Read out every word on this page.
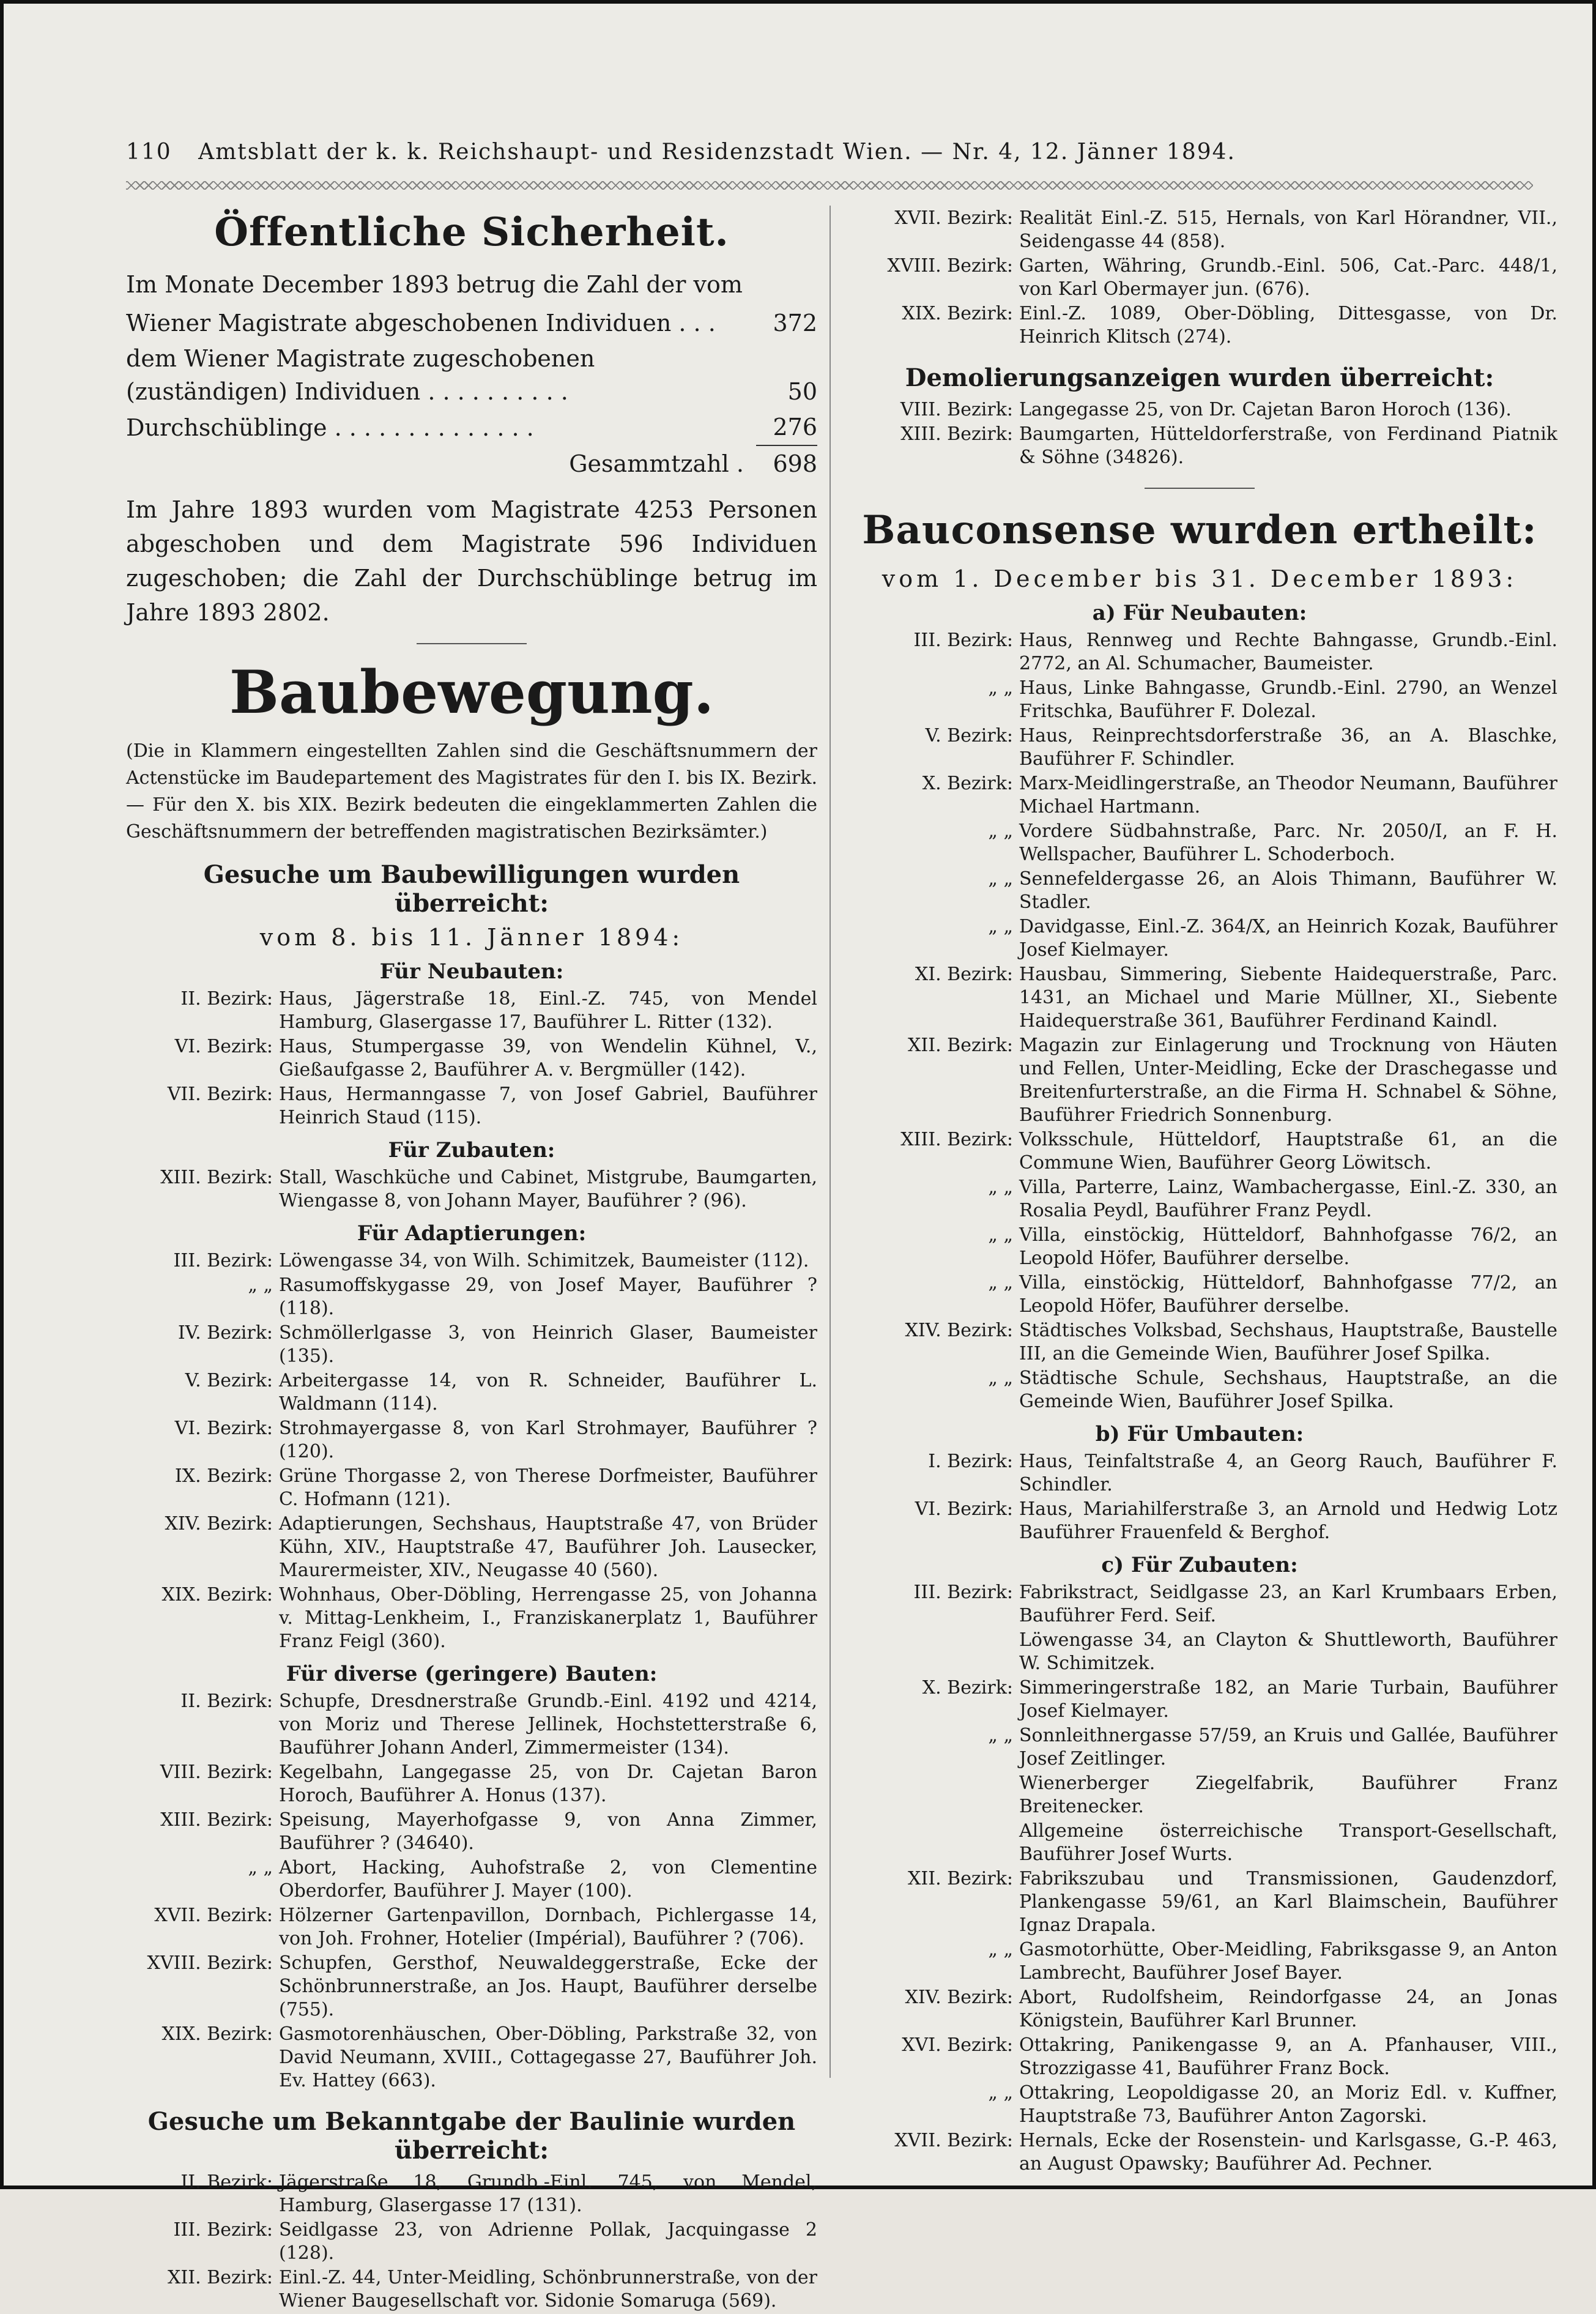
110 Amtsblatt der k. k. Reichshaupt- und Residenzstadt Wien. — Nr. 4, 12. Jänner 1894.
Öffentliche Sicherheit.
Im Monate December 1893 betrug die Zahl der vom
Wiener Magistrate abgeschobenen Individuen . . .	372
dem Wiener Magistrate zugeschobenen (zuständigen) Individuen . . . . . . . . . .	50
Durchschüblinge . . . . . . . . . . . . . .	276
Gesammtzahl .	698
Im Jahre 1893 wurden vom Magistrate 4253 Personen abgeschoben und dem Magistrate 596 Individuen zugeschoben; die Zahl der Durchschüblinge betrug im Jahre 1893 2802.
Baubewegung.
(Die in Klammern eingestellten Zahlen sind die Geschäftsnummern der Actenstücke im Baudepartement des Magistrates für den I. bis IX. Bezirk. — Für den X. bis XIX. Bezirk bedeuten die eingeklammerten Zahlen die Geschäftsnummern der betreffenden magistratischen Bezirksämter.)
Gesuche um Baubewilligungen wurden überreicht:
vom 8. bis 11. Jänner 1894:
Für Neubauten:
II. Bezirk: Haus, Jägerstraße 18, Einl.-Z. 745, von Mendel Hamburg, Glasergasse 17, Bauführer L. Ritter (132).
VI. Bezirk: Haus, Stumpergasse 39, von Wendelin Kühnel, V., Gießaufgasse 2, Bauführer A. v. Bergmüller (142).
VII. Bezirk: Haus, Hermanngasse 7, von Josef Gabriel, Bauführer Heinrich Staud (115).
Für Zubauten:
XIII. Bezirk: Stall, Waschküche und Cabinet, Mistgrube, Baumgarten, Wiengasse 8, von Johann Mayer, Bauführer ? (96).
Für Adaptierungen:
III. Bezirk: Löwengasse 34, von Wilh. Schimitzek, Baumeister (112).
„ „ Rasumoffskygasse 29, von Josef Mayer, Bauführer ? (118).
IV. Bezirk: Schmöllerlgasse 3, von Heinrich Glaser, Baumeister (135).
V. Bezirk: Arbeitergasse 14, von R. Schneider, Bauführer L. Waldmann (114).
VI. Bezirk: Strohmayergasse 8, von Karl Strohmayer, Bauführer ? (120).
IX. Bezirk: Grüne Thorgasse 2, von Therese Dorfmeister, Bauführer C. Hofmann (121).
XIV. Bezirk: Adaptierungen, Sechshaus, Hauptstraße 47, von Brüder Kühn, XIV., Hauptstraße 47, Bauführer Joh. Lausecker, Maurermeister, XIV., Neugasse 40 (560).
XIX. Bezirk: Wohnhaus, Ober-Döbling, Herrengasse 25, von Johanna v. Mittag-Lenkheim, I., Franziskanerplatz 1, Bauführer Franz Feigl (360).
Für diverse (geringere) Bauten:
II. Bezirk: Schupfe, Dresdnerstraße Grundb.-Einl. 4192 und 4214, von Moriz und Therese Jellinek, Hochstetterstraße 6, Bauführer Johann Anderl, Zimmermeister (134).
VIII. Bezirk: Kegelbahn, Langegasse 25, von Dr. Cajetan Baron Horoch, Bauführer A. Honus (137).
XIII. Bezirk: Speisung, Mayerhofgasse 9, von Anna Zimmer, Bauführer ? (34640).
„ „ Abort, Hacking, Auhofstraße 2, von Clementine Oberdorfer, Bauführer J. Mayer (100).
XVII. Bezirk: Hölzerner Gartenpavillon, Dornbach, Pichlergasse 14, von Joh. Frohner, Hotelier (Impérial), Bauführer ? (706).
XVIII. Bezirk: Schupfen, Gersthof, Neuwaldeggerstraße, Ecke der Schönbrunnerstraße, an Jos. Haupt, Bauführer derselbe (755).
XIX. Bezirk: Gasmotorenhäuschen, Ober-Döbling, Parkstraße 32, von David Neumann, XVIII., Cottagegasse 27, Bauführer Joh. Ev. Hattey (663).
Gesuche um Bekanntgabe der Baulinie wurden überreicht:
II. Bezirk: Jägerstraße 18, Grundb.-Einl. 745, von Mendel, Hamburg, Glasergasse 17 (131).
III. Bezirk: Seidlgasse 23, von Adrienne Pollak, Jacquingasse 2 (128).
XII. Bezirk: Einl.-Z. 44, Unter-Meidling, Schönbrunnerstraße, von der Wiener Baugesellschaft vor. Sidonie Somaruga (569).
XVII. Bezirk: Realität Einl.-Z. 515, Hernals, von Karl Hörandner, VII., Seidengasse 44 (858).
XVIII. Bezirk: Garten, Währing, Grundb.-Einl. 506, Cat.-Parc. 448/1, von Karl Obermayer jun. (676).
XIX. Bezirk: Einl.-Z. 1089, Ober-Döbling, Dittesgasse, von Dr. Heinrich Klitsch (274).
Demolierungsanzeigen wurden überreicht:
VIII. Bezirk: Langegasse 25, von Dr. Cajetan Baron Horoch (136).
XIII. Bezirk: Baumgarten, Hütteldorferstraße, von Ferdinand Piatnik & Söhne (34826).
Bauconsense wurden ertheilt:
vom 1. December bis 31. December 1893:
a) Für Neubauten:
III. Bezirk: Haus, Rennweg und Rechte Bahngasse, Grundb.-Einl. 2772, an Al. Schumacher, Baumeister.
„ „ Haus, Linke Bahngasse, Grundb.-Einl. 2790, an Wenzel Fritschka, Bauführer F. Dolezal.
V. Bezirk: Haus, Reinprechtsdorferstraße 36, an A. Blaschke, Bauführer F. Schindler.
X. Bezirk: Marx-Meidlingerstraße, an Theodor Neumann, Bauführer Michael Hartmann.
„ „ Vordere Südbahnstraße, Parc. Nr. 2050/I, an F. H. Wellspacher, Bauführer L. Schoderboch.
„ „ Sennefeldergasse 26, an Alois Thimann, Bauführer W. Stadler.
„ „ Davidgasse, Einl.-Z. 364/X, an Heinrich Kozak, Bauführer Josef Kielmayer.
XI. Bezirk: Hausbau, Simmering, Siebente Haidequerstraße, Parc. 1431, an Michael und Marie Müllner, XI., Siebente Haidequerstraße 361, Bauführer Ferdinand Kaindl.
XII. Bezirk: Magazin zur Einlagerung und Trocknung von Häuten und Fellen, Unter-Meidling, Ecke der Draschegasse und Breitenfurterstraße, an die Firma H. Schnabel & Söhne, Bauführer Friedrich Sonnenburg.
XIII. Bezirk: Volksschule, Hütteldorf, Hauptstraße 61, an die Commune Wien, Bauführer Georg Löwitsch.
„ „ Villa, Parterre, Lainz, Wambachergasse, Einl.-Z. 330, an Rosalia Peydl, Bauführer Franz Peydl.
„ „ Villa, einstöckig, Hütteldorf, Bahnhofgasse 76/2, an Leopold Höfer, Bauführer derselbe.
„ „ Villa, einstöckig, Hütteldorf, Bahnhofgasse 77/2, an Leopold Höfer, Bauführer derselbe.
XIV. Bezirk: Städtisches Volksbad, Sechshaus, Hauptstraße, Baustelle III, an die Gemeinde Wien, Bauführer Josef Spilka.
„ „ Städtische Schule, Sechshaus, Hauptstraße, an die Gemeinde Wien, Bauführer Josef Spilka.
b) Für Umbauten:
I. Bezirk: Haus, Teinfaltstraße 4, an Georg Rauch, Bauführer F. Schindler.
VI. Bezirk: Haus, Mariahilferstraße 3, an Arnold und Hedwig Lotz Bauführer Frauenfeld & Berghof.
c) Für Zubauten:
III. Bezirk: Fabrikstract, Seidlgasse 23, an Karl Krumbaars Erben, Bauführer Ferd. Seif.
Löwengasse 34, an Clayton & Shuttleworth, Bauführer W. Schimitzek.
X. Bezirk: Simmeringerstraße 182, an Marie Turbain, Bauführer Josef Kielmayer.
„ „ Sonnleithnergasse 57/59, an Kruis und Gallée, Bauführer Josef Zeitlinger.
Wienerberger Ziegelfabrik, Bauführer Franz Breitenecker.
Allgemeine österreichische Transport-Gesellschaft, Bauführer Josef Wurts.
XII. Bezirk: Fabrikszubau und Transmissionen, Gaudenzdorf, Plankengasse 59/61, an Karl Blaimschein, Bauführer Ignaz Drapala.
„ „ Gasmotorhütte, Ober-Meidling, Fabriksgasse 9, an Anton Lambrecht, Bauführer Josef Bayer.
XIV. Bezirk: Abort, Rudolfsheim, Reindorfgasse 24, an Jonas Königstein, Bauführer Karl Brunner.
XVI. Bezirk: Ottakring, Panikengasse 9, an A. Pfanhauser, VIII., Strozzigasse 41, Bauführer Franz Bock.
„ „ Ottakring, Leopoldigasse 20, an Moriz Edl. v. Kuffner, Hauptstraße 73, Bauführer Anton Zagorski.
XVII. Bezirk: Hernals, Ecke der Rosenstein- und Karlsgasse, G.-P. 463, an August Opawsky; Bauführer Ad. Pechner.
